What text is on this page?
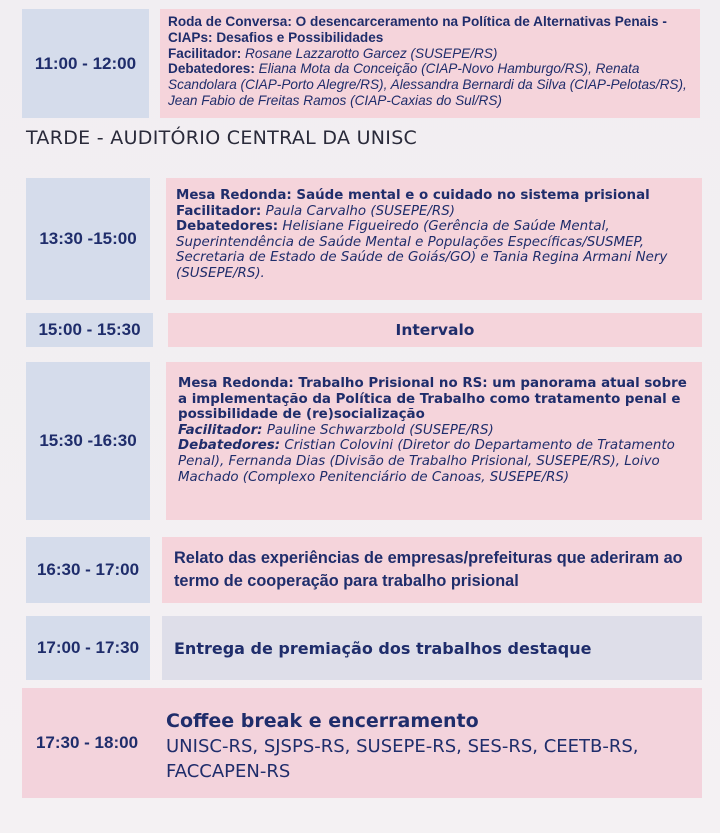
11:00 - 12:00
Roda de Conversa: O desencarceramento na Política de Alternativas Penais - CIAPs: Desafios e Possibilidades
Facilitador: Rosane Lazzarotto Garcez (SUSEPE/RS)
Debatedores: Eliana Mota da Conceição (CIAP-Novo Hamburgo/RS), Renata Scandolara (CIAP-Porto Alegre/RS), Alessandra Bernardi da Silva (CIAP-Pelotas/RS), Jean Fabio de Freitas Ramos (CIAP-Caxias do Sul/RS)
TARDE - AUDITÓRIO CENTRAL DA UNISC
13:30 -15:00
Mesa Redonda: Saúde mental e o cuidado no sistema prisional
Facilitador: Paula Carvalho (SUSEPE/RS)
Debatedores: Helisiane Figueiredo (Gerência de Saúde Mental, Superintendência de Saúde Mental e Populações Específicas/SUSMEP, Secretaria de Estado de Saúde de Goiás/GO) e Tania Regina Armani Nery (SUSEPE/RS).
15:00 - 15:30	Intervalo
15:30 -16:30
Mesa Redonda: Trabalho Prisional no RS: um panorama atual sobre a implementação da Política de Trabalho como tratamento penal e possibilidade de (re)socialização
Facilitador: Pauline Schwarzbold (SUSEPE/RS)
Debatedores: Cristian Colovini (Diretor do Departamento de Tratamento Penal), Fernanda Dias (Divisão de Trabalho Prisional, SUSEPE/RS), Loivo Machado (Complexo Penitenciário de Canoas, SUSEPE/RS)
16:30 - 17:00
Relato das experiências de empresas/prefeituras que aderiram ao termo de cooperação para trabalho prisional
17:00 - 17:30 Entrega de premiação dos trabalhos destaque
17:30 - 18:00
Coffee break e encerramento
UNISC-RS, SJSPS-RS, SUSEPE-RS, SES-RS, CEETB-RS, FACCAPEN-RS
